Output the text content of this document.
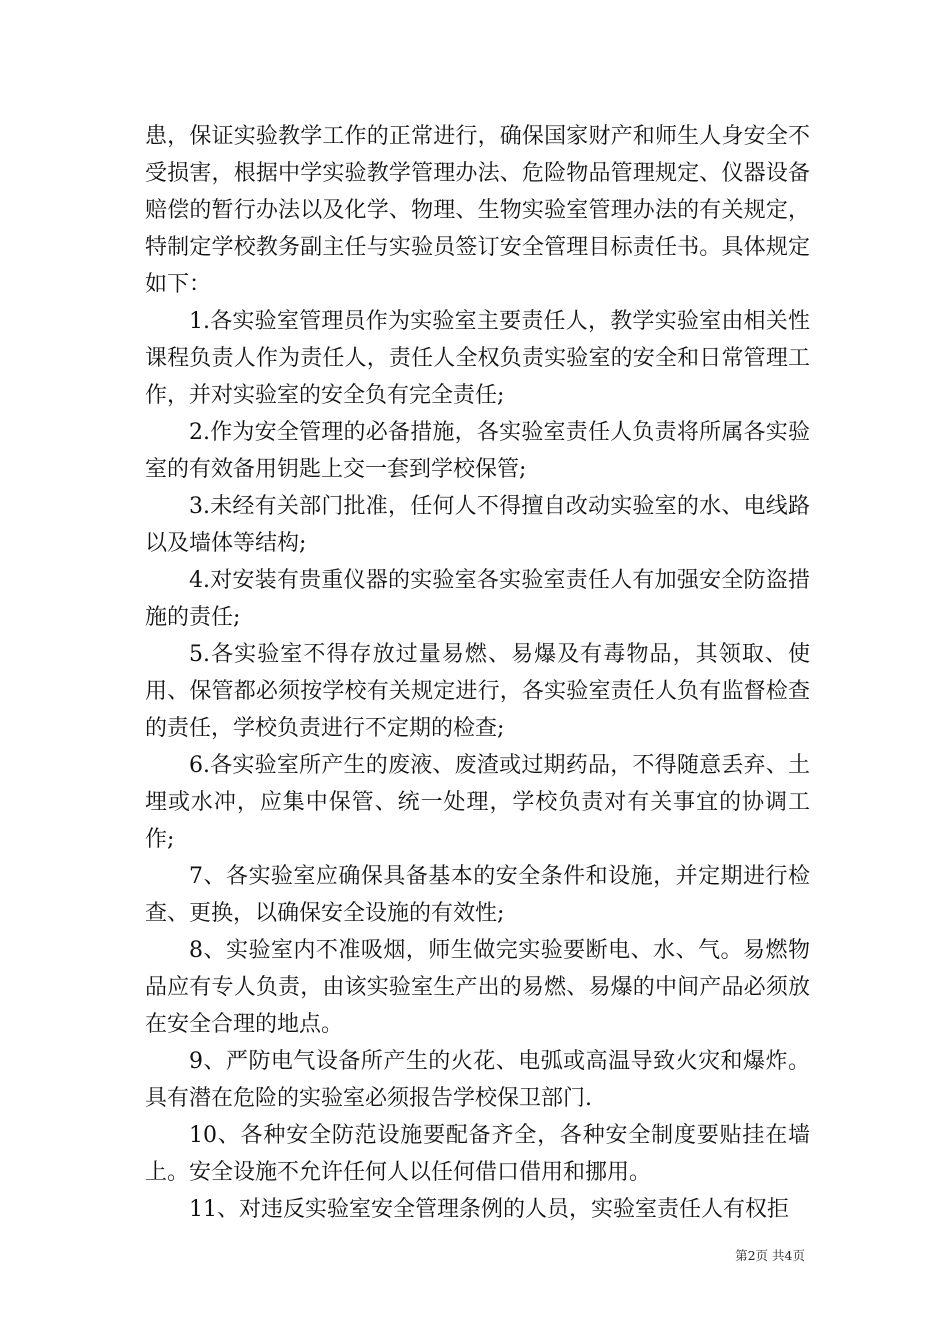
患，保证实验教学工作的正常进行，确保国家财产和师生人身安全不受损害，根据中学实验教学管理办法、危险物品管理规定、仪器设备赔偿的暂行办法以及化学、物理、生物实验室管理办法的有关规定，特制定学校教务副主任与实验员签订安全管理目标责任书。具体规定如下：

1.各实验室管理员作为实验室主要责任人，教学实验室由相关性课程负责人作为责任人，责任人全权负责实验室的安全和日常管理工作，并对实验室的安全负有完全责任;

2.作为安全管理的必备措施，各实验室责任人负责将所属各实验室的有效备用钥匙上交一套到学校保管;

3.未经有关部门批准，任何人不得擅自改动实验室的水、电线路以及墙体等结构;

4.对安装有贵重仪器的实验室各实验室责任人有加强安全防盗措施的责任;

5.各实验室不得存放过量易燃、易爆及有毒物品，其领取、使用、保管都必须按学校有关规定进行，各实验室责任人负有监督检查的责任，学校负责进行不定期的检查;

6.各实验室所产生的废液、废渣或过期药品，不得随意丢弃、土埋或水冲，应集中保管、统一处理，学校负责对有关事宜的协调工作;

7、各实验室应确保具备基本的安全条件和设施，并定期进行检查、更换，以确保安全设施的有效性;

8、实验室内不准吸烟，师生做完实验要断电、水、气。易燃物品应有专人负责，由该实验室生产出的易燃、易爆的中间产品必须放在安全合理的地点。

9、严防电气设备所产生的火花、电弧或高温导致火灾和爆炸。具有潜在危险的实验室必须报告学校保卫部门.

10、各种安全防范设施要配备齐全，各种安全制度要贴挂在墙上。安全设施不允许任何人以任何借口借用和挪用。

11、对违反实验室安全管理条例的人员，实验室责任人有权拒

第2页 共4页
